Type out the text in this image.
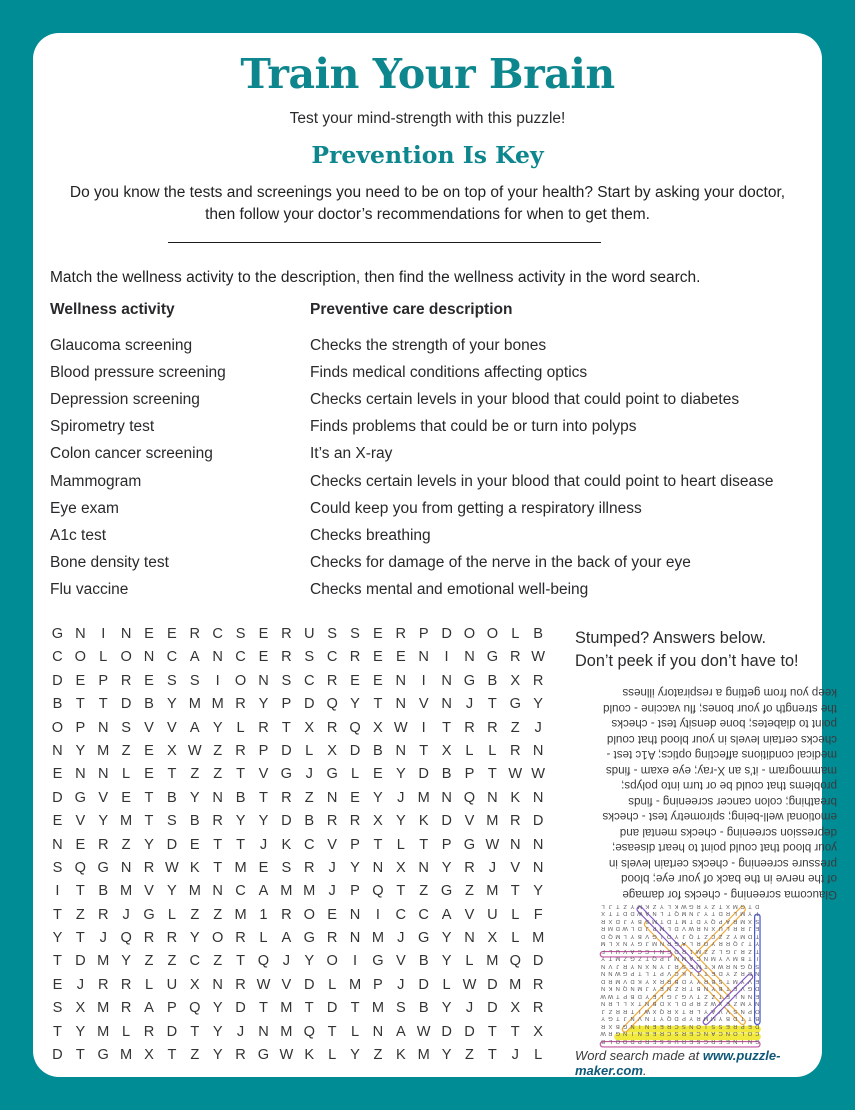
Train Your Brain
Test your mind-strength with this puzzle!
Prevention Is Key
Do you know the tests and screenings you need to be on top of your health? Start by asking your doctor, then follow your doctor’s recommendations for when to get them.
Match the wellness activity to the description, then find the wellness activity in the word search.
Wellness activity	Preventive care description
Glaucoma screening	Checks the strength of your bones
Blood pressure screening	Finds medical conditions affecting optics
Depression screening	Checks certain levels in your blood that could point to diabetes
Spirometry test	Finds problems that could be or turn into polyps
Colon cancer screening	It’s an X-ray
Mammogram	Checks certain levels in your blood that could point to heart disease
Eye exam	Could keep you from getting a respiratory illness
A1c test	Checks breathing
Bone density test	Checks for damage of the nerve in the back of your eye
Flu vaccine	Checks mental and emotional well-being
G N I N E E R C S E R U S S E R P D O O L B
C O L O N C A N C E R S C R E E N I N G R W
D E P R E S S I O N S C R E E N I N G B X R
B T T D B Y M M R Y P D Q Y T N V N J T G Y
O P N S V V A Y L R T X R Q X W I T R R Z J
N Y M Z E X W Z R P D L X D B N T X L L R N
E N N L E T Z Z T V G J G L E Y D B P T W W
D G V E T B Y N B T R Z N E Y J M N Q N K N
E V Y M T S B R Y Y D B R R X Y K D V M R D
N E R Z Y D E T T J K C V P T L T P G W N N
S Q G N R W K T M E S R J Y N X N Y R J V N
I T B M V Y M N C A M M J P Q T Z G Z M T Y
T Z R J G L Z Z M 1 R O E N I C C A V U L F
Y T J Q R R Y O R L A G R N M J G Y N X L M
T D M Y Z Z C Z T Q J Y O I G V B Y L M Q D
E J R R L U X N R W V D L M P J D L W D M R
S X M R A P Q Y D T M T D T M S B Y J D X R
T Y M L R D T Y J N M Q T L N A W D D T T X
D T G M X T Z Y R G W K L Y Z K M Y Z T J L
Stumped? Answers below.
Don’t peek if you don’t have to!
Glaucoma screening - checks for damage
of the nerve in the back of your eye; blood
pressure screening - checks certain levels in
your blood that could point to heart disease;
depression screening - checks mental and
emotional well-being; spirometry test - checks
breathing; colon cancer screening - finds
problems that could be or turn into polyps;
mammogram - it’s an X-ray; eye exam - finds
medical conditions affecting optics; A1c test -
checks certain levels in your blood that could
point to diabetes; bone density test - checks
the strength of your bones; flu vaccine - could
keep you from getting a respiratory illness
GNINEERCSERUSSERPDOOLB
COLONCANCERSCREENINGRW
DEPRESSIONSCREENINGBXR
BTTDBYMMRYPDQYTNVNJTGY
OPNSVVAYLRTXRQXWITRRZJ
NYMZEXWZRPDLXDBNTXLLRN
ENNLETZZTVGJGLEYDBPTWW
DGVETBYNBTRZNEYJMNQNKN
EVYMTSBRYYDBRRXYKDVMRD
NERZYDETTJKCVPTLTPGWNN
SQGNRWKTMESRJYNXNYRJVN
ITBMVYMNCAMMJPQTZGZMTY
TZRJGLZZM1ROENICCAVULF
YTJQRRYORLAGRNMJGYNXLM
TDMYZZCZTQJYOIGVBYLMQD
EJRRLUXNRWVDLMPJDLWDMR
SXMRAPQYDTMTDTMSBYJDXR
TYMLRDTYJNMQTLNAWDDTTX
DTGMXTZYRGWKLYZKMYZTJL
Word search made at www.puzzle-maker.com.
